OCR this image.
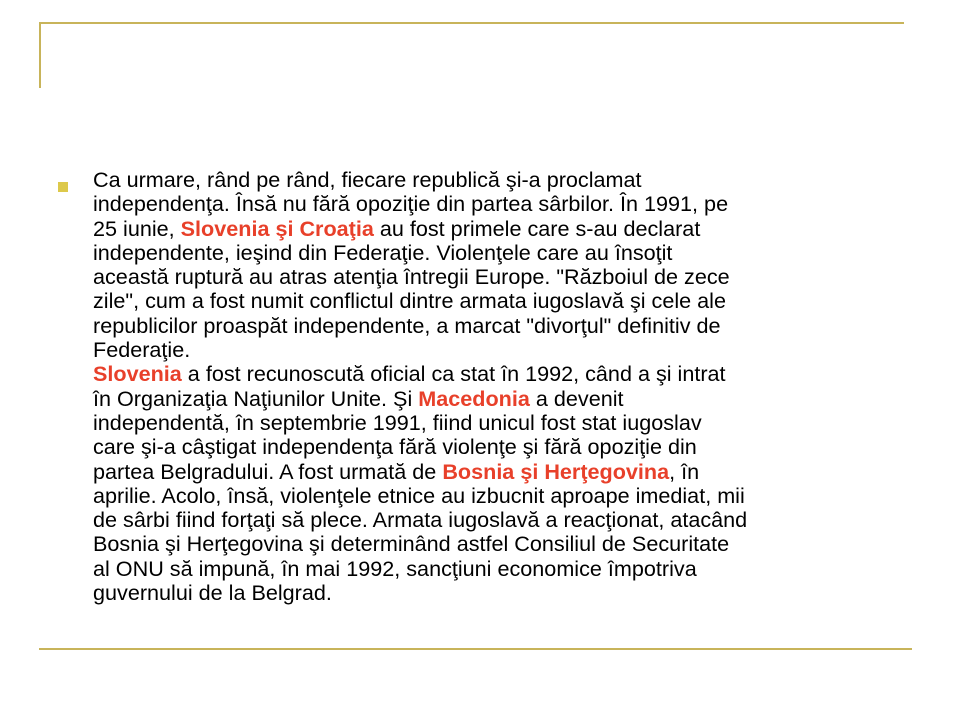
Ca urmare, rând pe rând, fiecare republică şi-a proclamat
independenţa. Însă nu fără opoziţie din partea sârbilor. În 1991, pe
25 iunie, Slovenia şi Croaţia au fost primele care s-au declarat
independente, ieşind din Federaţie. Violenţele care au însoţit
această ruptură au atras atenţia întregii Europe. "Războiul de zece
zile", cum a fost numit conflictul dintre armata iugoslavă şi cele ale
republicilor proaspăt independente, a marcat "divorţul" definitiv de
Federaţie.
Slovenia a fost recunoscută oficial ca stat în 1992, când a şi intrat
în Organizaţia Naţiunilor Unite. Şi Macedonia a devenit
independentă, în septembrie 1991, fiind unicul fost stat iugoslav
care şi-a câştigat independenţa fără violenţe şi fără opoziţie din
partea Belgradului. A fost urmată de Bosnia şi Herţegovina, în
aprilie. Acolo, însă, violenţele etnice au izbucnit aproape imediat, mii
de sârbi fiind forţaţi să plece. Armata iugoslavă a reacţionat, atacând
Bosnia şi Herţegovina şi determinând astfel Consiliul de Securitate
al ONU să impună, în mai 1992, sancţiuni economice împotriva
guvernului de la Belgrad.
